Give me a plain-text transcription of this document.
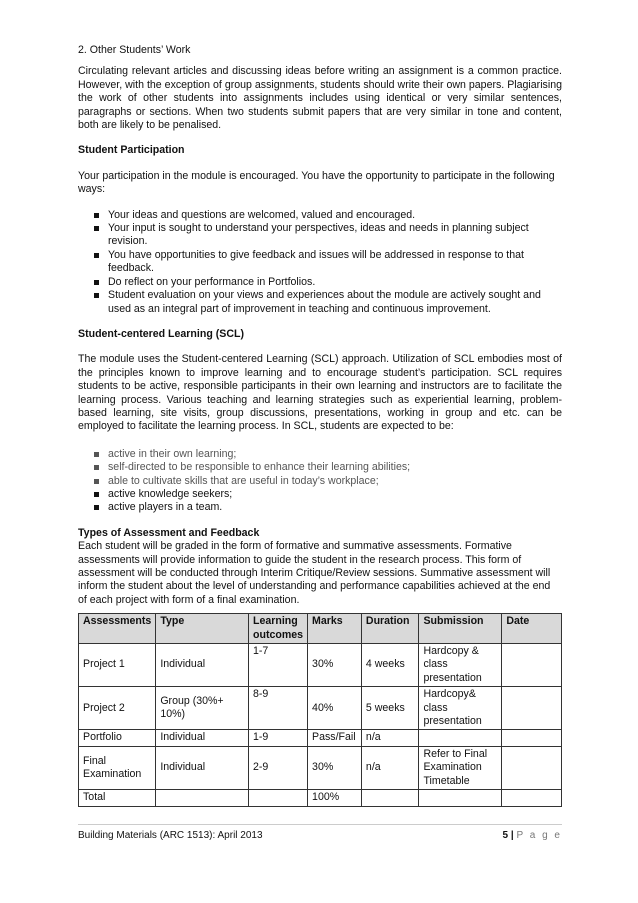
2. Other Students’ Work

Circulating relevant articles and discussing ideas before writing an assignment is a common practice. However, with the exception of group assignments, students should write their own papers. Plagiarising the work of other students into assignments includes using identical or very similar sentences, paragraphs or sections. When two students submit papers that are very similar in tone and content, both are likely to be penalised.

Student Participation

Your participation in the module is encouraged. You have the opportunity to participate in the following ways:

Your ideas and questions are welcomed, valued and encouraged.
Your input is sought to understand your perspectives, ideas and needs in planning subject revision.
You have opportunities to give feedback and issues will be addressed in response to that feedback.
Do reflect on your performance in Portfolios.
Student evaluation on your views and experiences about the module are actively sought and used as an integral part of improvement in teaching and continuous improvement.
Student-centered Learning (SCL)

The module uses the Student-centered Learning (SCL) approach. Utilization of SCL embodies most of the principles known to improve learning and to encourage student’s participation. SCL requires students to be active, responsible participants in their own learning and instructors are to facilitate the learning process. Various teaching and learning strategies such as experiential learning, problem-based learning, site visits, group discussions, presentations, working in group and etc. can be employed to facilitate the learning process. In SCL, students are expected to be:

active in their own learning;
self-directed to be responsible to enhance their learning abilities;
able to cultivate skills that are useful in today’s workplace;
active knowledge seekers;
active players in a team.
Types of Assessment and Feedback

Each student will be graded in the form of formative and summative assessments. Formative assessments will provide information to guide the student in the research process. This form of assessment will be conducted through Interim Critique/Review sessions. Summative assessment will inform the student about the level of understanding and performance capabilities achieved at the end of each project with form of a final examination.

Assessments	Type	Learning outcomes	Marks	Duration	Submission	Date
Project 1	Individual	1-7	30%	4 weeks	Hardcopy & class presentation	
Project 2	Group (30%+ 10%)	8-9	40%	5 weeks	Hardcopy& class presentation	
Portfolio	Individual	1-9	Pass/Fail	n/a		
Final Examination	Individual	2-9	30%	n/a	Refer to Final Examination Timetable	
Total			100%			
Building Materials (ARC 1513): April 2013	5 | P a g e
